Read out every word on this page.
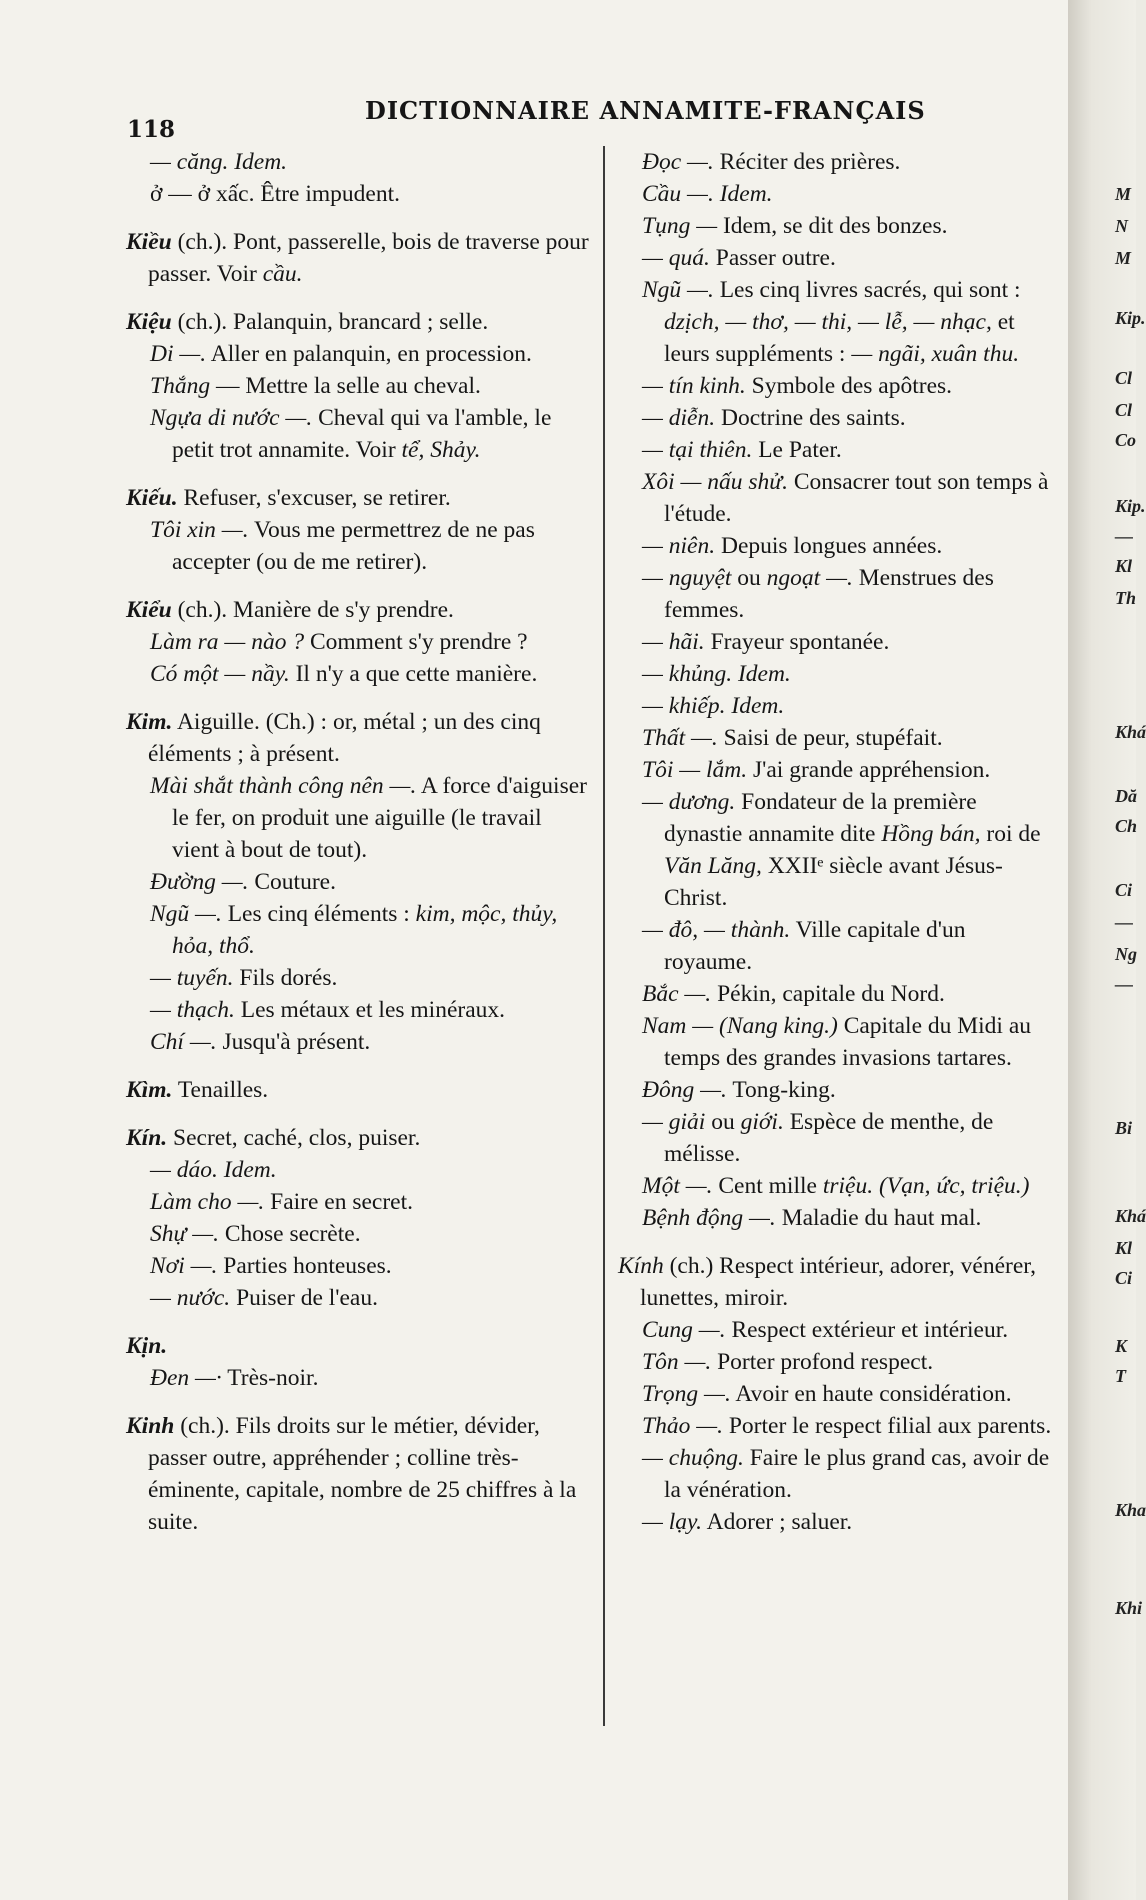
118
DICTIONNAIRE ANNAMITE-FRANÇAIS
— căng. Idem.
ở — ở xấc. Être impudent.
Kiều (ch.). Pont, passerelle, bois de traverse pour passer. Voir cầu.
Kiệu (ch.). Palanquin, brancard ; selle.
Di —. Aller en palanquin, en procession.
Thắng — Mettre la selle au cheval.
Ngựa di nước —. Cheval qui va l'amble, le petit trot annamite. Voir tể, Shảy.
Kiếu. Refuser, s'excuser, se retirer.
Tôi xin —. Vous me permettrez de ne pas accepter (ou de me retirer).
Kiểu (ch.). Manière de s'y prendre.
Làm ra — nào ? Comment s'y prendre ?
Có một — nầy. Il n'y a que cette manière.
Kim. Aiguille. (Ch.) : or, métal ; un des cinq éléments ; à présent.
Mài shắt thành công nên —. A force d'aiguiser le fer, on produit une aiguille (le travail vient à bout de tout).
Đường —. Couture.
Ngũ —. Les cinq éléments : kim, mộc, thủy, hỏa, thổ.
— tuyến. Fils dorés.
— thạch. Les métaux et les minéraux.
Chí —. Jusqu'à présent.
Kìm. Tenailles.
Kín. Secret, caché, clos, puiser.
— dáo. Idem.
Làm cho —. Faire en secret.
Shự —. Chose secrète.
Nơi —. Parties honteuses.
— nước. Puiser de l'eau.
Kịn.
Đen —· Très-noir.
Kinh (ch.). Fils droits sur le métier, dévider, passer outre, appréhender ; colline très-éminente, capitale, nombre de 25 chiffres à la suite.
Đọc —. Réciter des prières.
Cầu —. Idem.
Tụng — Idem, se dit des bonzes.
— quá. Passer outre.
Ngũ —. Les cinq livres sacrés, qui sont : dzịch, — thơ, — thi, — lễ, — nhạc, et leurs suppléments : — ngãi, xuân thu.
— tín kinh. Symbole des apôtres.
— diễn. Doctrine des saints.
— tại thiên. Le Pater.
Xôi — nấu shử. Consacrer tout son temps à l'étude.
— niên. Depuis longues années.
— nguyệt ou ngoạt —. Menstrues des femmes.
— hãi. Frayeur spontanée.
— khủng. Idem.
— khiếp. Idem.
Thất —. Saisi de peur, stupéfait.
Tôi — lắm. J'ai grande appréhension.
— dương. Fondateur de la première dynastie annamite dite Hồng bán, roi de Văn Lăng, XXIIᵉ siècle avant Jésus-Christ.
— đô, — thành. Ville capitale d'un royaume.
Bắc —. Pékin, capitale du Nord.
Nam — (Nang king.) Capitale du Midi au temps des grandes invasions tartares.
Đông —. Tong-king.
— giải ou giới. Espèce de menthe, de mélisse.
Một —. Cent mille triệu. (Vạn, ức, triệu.)
Bệnh động —. Maladie du haut mal.
Kính (ch.) Respect intérieur, adorer, vénérer, lunettes, miroir.
Cung —. Respect extérieur et intérieur.
Tôn —. Porter profond respect.
Trọng —. Avoir en haute considération.
Thảo —. Porter le respect filial aux parents.
— chuộng. Faire le plus grand cas, avoir de la vénération.
— lạy. Adorer ; saluer.
M
N
M
Kip.
Cl
Cl
Co
Kip.
—
Kl
Th
Khá
Dă
Ch
Ci
—
Ng
—
Bi
Khá
Kl
Ci
K
T
Kha
Khi
